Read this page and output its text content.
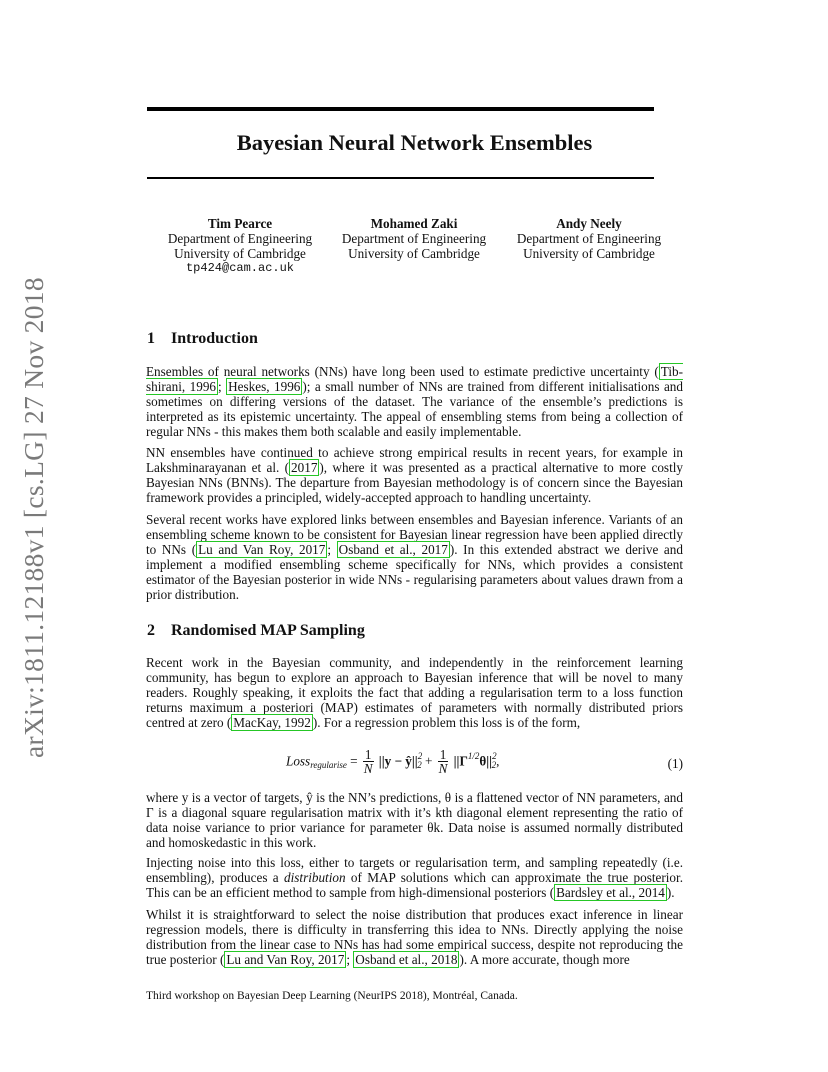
arXiv:1811.12188v1 [cs.LG] 27 Nov 2018
Bayesian Neural Network Ensembles
Tim Pearce
Department of Engineering
University of Cambridge
tp424@cam.ac.uk
Mohamed Zaki
Department of Engineering
University of Cambridge
Andy Neely
Department of Engineering
University of Cambridge
1 Introduction
Ensembles of neural networks (NNs) have long been used to estimate predictive uncertainty ( Tib-shirani, 1996 ; Heskes, 1996 ); a small number of NNs are trained from different initialisations and sometimes on differing versions of the dataset. The variance of the ensemble’s predictions is interpreted as its epistemic uncertainty. The appeal of ensembling stems from being a collection of regular NNs - this makes them both scalable and easily implementable.
NN ensembles have continued to achieve strong empirical results in recent years, for example in Lakshminarayanan et al. ( 2017 ), where it was presented as a practical alternative to more costly Bayesian NNs (BNNs). The departure from Bayesian methodology is of concern since the Bayesian framework provides a principled, widely-accepted approach to handling uncertainty.
Several recent works have explored links between ensembles and Bayesian inference. Variants of an ensembling scheme known to be consistent for Bayesian linear regression have been applied directly to NNs ( Lu and Van Roy, 2017 ; Osband et al., 2017 ). In this extended abstract we derive and implement a modified ensembling scheme specifically for NNs, which provides a consistent estimator of the Bayesian posterior in wide NNs - regularising parameters about values drawn from a prior distribution.
2 Randomised MAP Sampling
Recent work in the Bayesian community, and independently in the reinforcement learning community, has begun to explore an approach to Bayesian inference that will be novel to many readers. Roughly speaking, it exploits the fact that adding a regularisation term to a loss function returns maximum a posteriori (MAP) estimates of parameters with normally distributed priors centred at zero ( MacKay, 1992 ). For a regression problem this loss is of the form,
Loss$_{regularise}$ = $\frac{1}{N} ||y$ − $ŷ||^2_2 + \frac{1}{N} ||\Gamma^{1/2}\theta||^2_2$,	(1)
where y is a vector of targets, ŷ is the NN’s predictions, θ is a flattened vector of NN parameters, and Γ is a diagonal square regularisation matrix with it’s kth diagonal element representing the ratio of data noise variance to prior variance for parameter θk. Data noise is assumed normally distributed and homoskedastic in this work.
Injecting noise into this loss, either to targets or regularisation term, and sampling repeatedly (i.e. ensembling), produces a distribution of MAP solutions which can approximate the true posterior. This can be an efficient method to sample from high-dimensional posteriors ( Bardsley et al., 2014 ).
Whilst it is straightforward to select the noise distribution that produces exact inference in linear regression models, there is difficulty in transferring this idea to NNs. Directly applying the noise distribution from the linear case to NNs has had some empirical success, despite not reproducing the true posterior ( Lu and Van Roy, 2017 ; Osband et al., 2018 ). A more accurate, though more
Third workshop on Bayesian Deep Learning (NeurIPS 2018), Montréal, Canada.
